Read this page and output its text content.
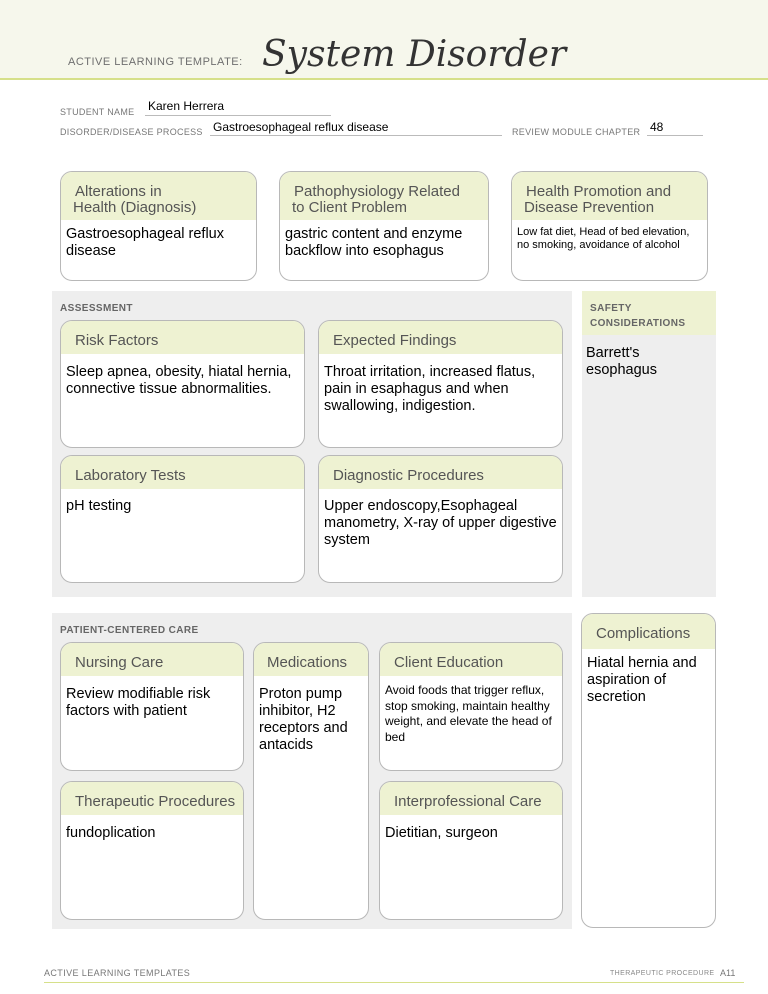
ACTIVE LEARNING TEMPLATE: System Disorder
STUDENT NAME Karen Herrera
DISORDER/DISEASE PROCESS Gastroesophageal reflux disease	REVIEW MODULE CHAPTER 48
Alterations in
Health (Diagnosis)
Gastroesophageal reflux disease
Pathophysiology Related
to Client Problem
gastric content and enzyme backflow into esophagus
Health Promotion and
Disease Prevention
Low fat diet, Head of bed elevation, no smoking, avoidance of alcohol
ASSESSMENT
Risk Factors
Sleep apnea, obesity, hiatal hernia, connective tissue abnormalities.
Expected Findings
Throat irritation, increased flatus, pain in esaphagus and when swallowing, indigestion.
Laboratory Tests
pH testing
Diagnostic Procedures
Upper endoscopy,Esophageal manometry, X-ray of upper digestive system
SAFETY
CONSIDERATIONS
Barrett's esophagus
PATIENT-CENTERED CARE
Nursing Care
Review modifiable risk factors with patient
Medications
Proton pump inhibitor, H2 receptors and antacids
Client Education
Avoid foods that trigger reflux, stop smoking, maintain healthy weight, and elevate the head of bed
Therapeutic Procedures
fundoplication
Interprofessional Care
Dietitian, surgeon
Complications
Hiatal hernia and aspiration of secretion
ACTIVE LEARNING TEMPLATES	THERAPEUTIC PROCEDURE A11
